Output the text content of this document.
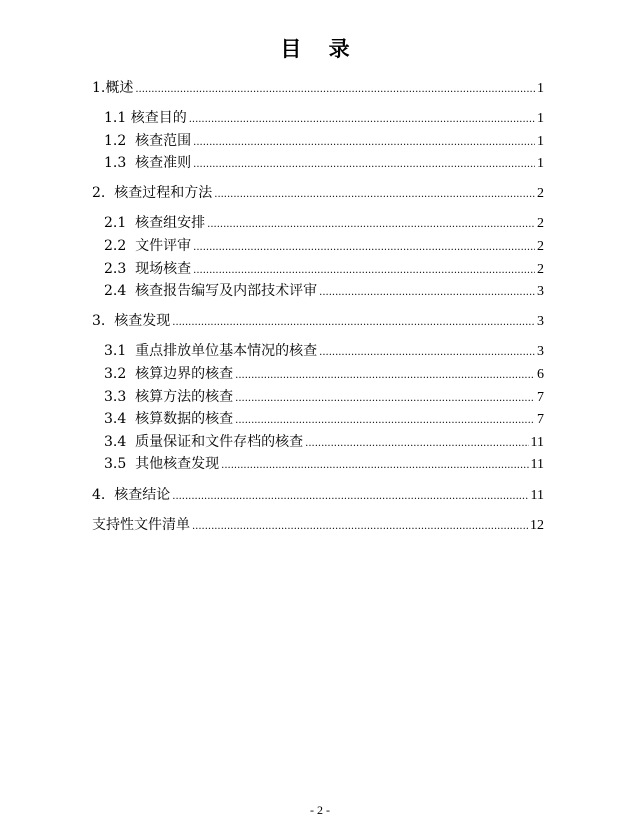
目 录
1.概述 .....	1
1.1 核查目的 .....	1
1.2  核查范围 .....	1
1.3  核查准则 .....	1
2.  核查过程和方法 .....	2
2.1  核查组安排 .....	2
2.2  文件评审 .....	2
2.3  现场核查 .....	2
2.4  核查报告编写及内部技术评审 .....	3
3.  核查发现 .....	3
3.1  重点排放单位基本情况的核查 .....	3
3.2  核算边界的核查 .....	6
3.3  核算方法的核查 .....	7
3.4  核算数据的核查 .....	7
3.4  质量保证和文件存档的核查 .....	11
3.5  其他核查发现 .....	11
4.  核查结论 .....	11
支持性文件清单 .....	12
- 2 -
